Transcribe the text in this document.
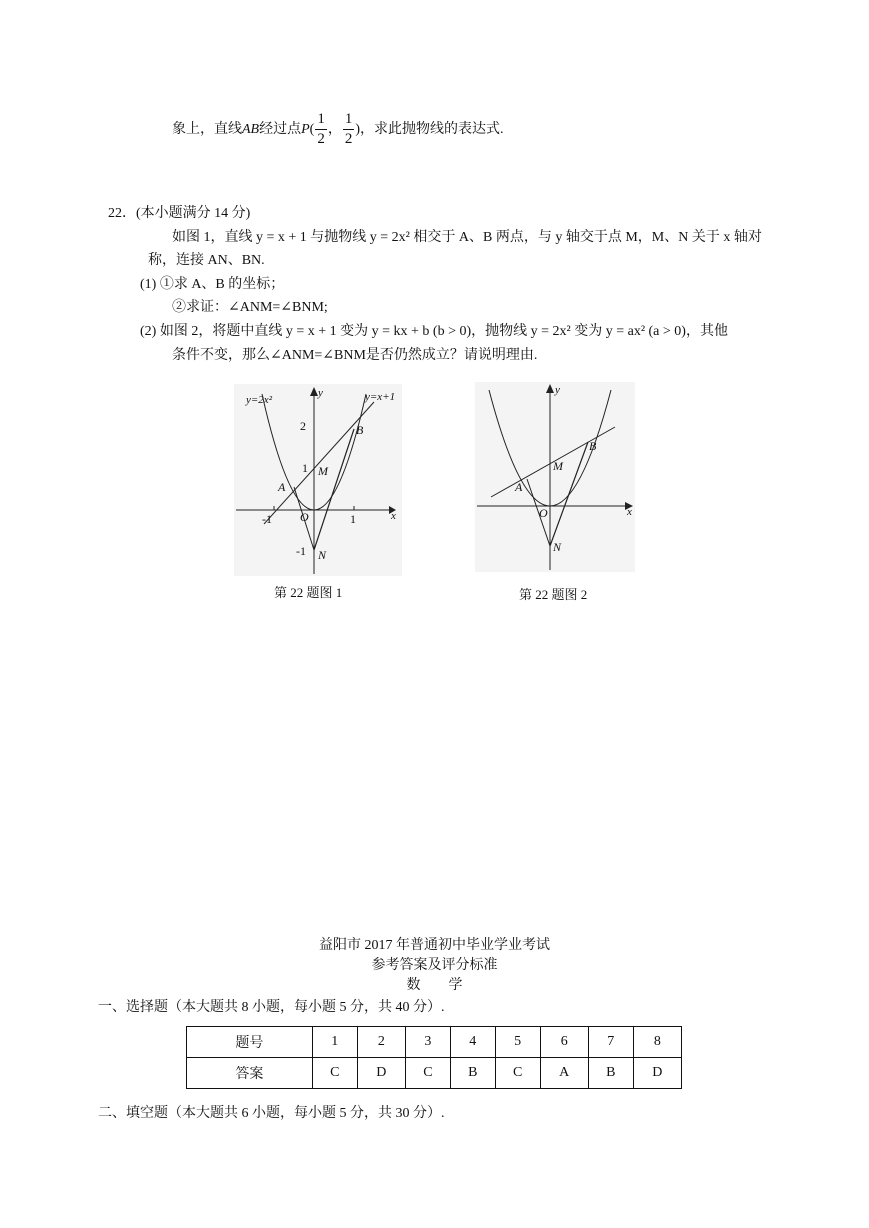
象上，直线AB经过点$P( \frac{1}{2}$ ， $\frac{1}{2}$ )，求此抛物线的表达式.
22．(本小题满分 14 分)
如图 1，直线 y = x + 1 与抛物线 y = 2x² 相交于 A、B 两点，与 y 轴交于点 M，M、N 关于 x 轴对
称，连接 AN、BN.
(1) ①求 A、B 的坐标；
②求证：∠ANM=∠BNM;
(2) 如图 2，将题中直线 y = x + 1 变为 y = kx + b (b > 0)，抛物线 y = 2x² 变为 y = ax² (a > 0)，其他
条件不变，那么∠ANM=∠BNM是否仍然成立？请说明理由.
y=2x²	y=x+1
y
x
2
1
-1
-1	1
A
B
M
N
O
第 22 题图 1
y
x
A
B
M
N
O
第 22 题图 2
益阳市 2017 年普通初中毕业学业考试
参考答案及评分标准
数　　学
一、选择题（本大题共 8 小题，每小题 5 分，共 40 分）.
题号	1	2	3	4	5	6	7	8
答案	C	D	C	B	C	A	B	D
二、填空题（本大题共 6 小题，每小题 5 分，共 30 分）.
